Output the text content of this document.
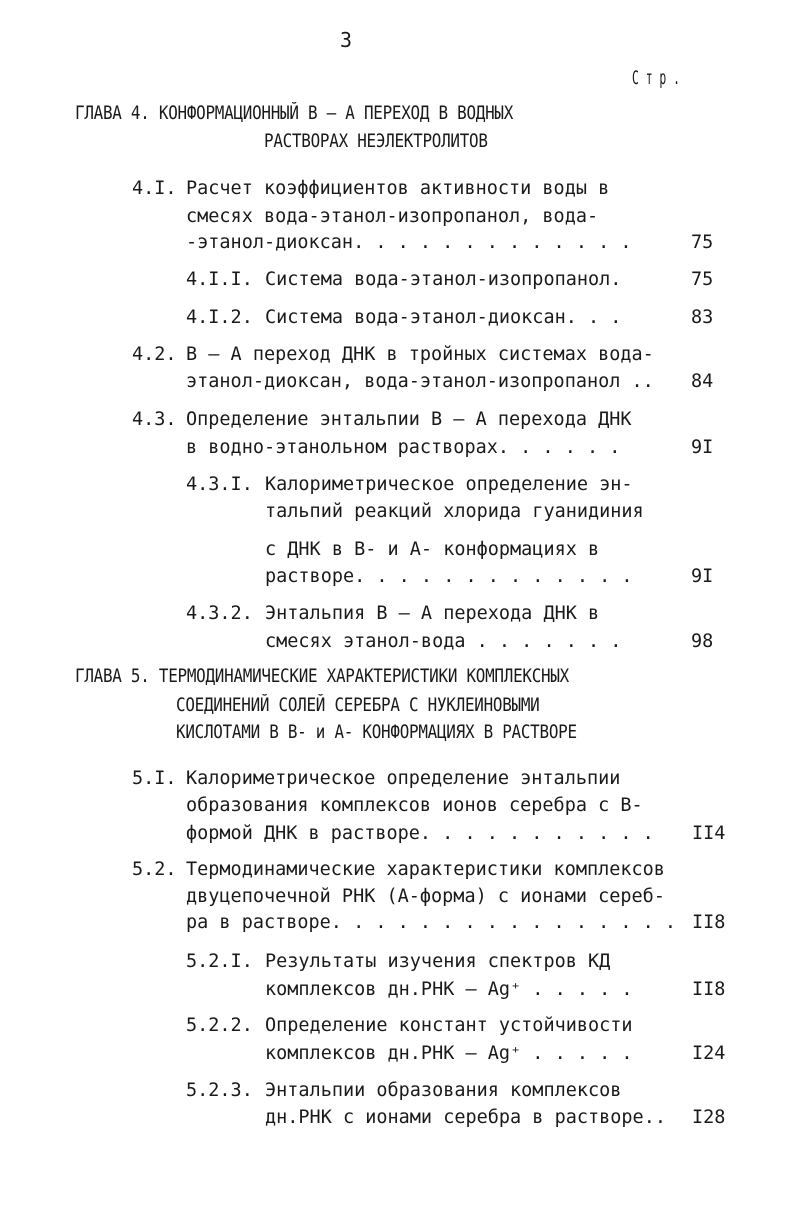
3
С т р .
ГЛАВА 4. КОНФОРМАЦИОННЫЙ В – А ПЕРЕХОД В ВОДНЫХ
РАСТВОРАХ НЕЭЛЕКТРОЛИТОВ
4.I. Расчет коэффициентов активности воды в
смесях вода-этанол-изопропанол, вода-
-этанол-диоксан. . . . . . . . . . . . .	75
4.I.I. Система вода-этанол-изопропанол.	75
4.I.2. Система вода-этанол-диоксан. . .	83
4.2. В – А переход ДНК в тройных системах вода-
этанол-диоксан, вода-этанол-изопропанол .. 84
4.3. Определение энтальпии В – А перехода ДНК
в водно-этанольном растворах. . . . . .	9I
4.3.I. Калориметрическое определение эн-
тальпий реакций хлорида гуанидиния
с ДНК в В- и А- конформациях в
растворе. . . . . . . . . . . . .	9I
4.3.2. Энтальпия В – А перехода ДНК в
смесях этанол-вода . . . . . . .	98
ГЛАВА 5. ТЕРМОДИНАМИЧЕСКИЕ ХАРАКТЕРИСТИКИ КОМПЛЕКСНЫХ
СОЕДИНЕНИЙ СОЛЕЙ СЕРЕБРА С НУКЛЕИНОВЫМИ
КИСЛОТАМИ В В- и А- КОНФОРМАЦИЯХ В РАСТВОРЕ
5.I. Калориметрическое определение энтальпии
образования комплексов ионов серебра с В-
формой ДНК в растворе. . . . . . . . . . . II4
5.2. Термодинамические характеристики комплексов
двуцепочечной РНК (А-форма) с ионами сереб-
ра в растворе. . . . . . . . . . . . . . . . II8
5.2.I. Результаты изучения спектров КД
комплексов дн.РНК – Ag⁺ . . . . .	II8
5.2.2. Определение констант устойчивости
комплексов дн.РНК – Ag⁺ . . . . .	I24
5.2.3. Энтальпии образования комплексов
дн.РНК с ионами серебра в растворе.. I28
